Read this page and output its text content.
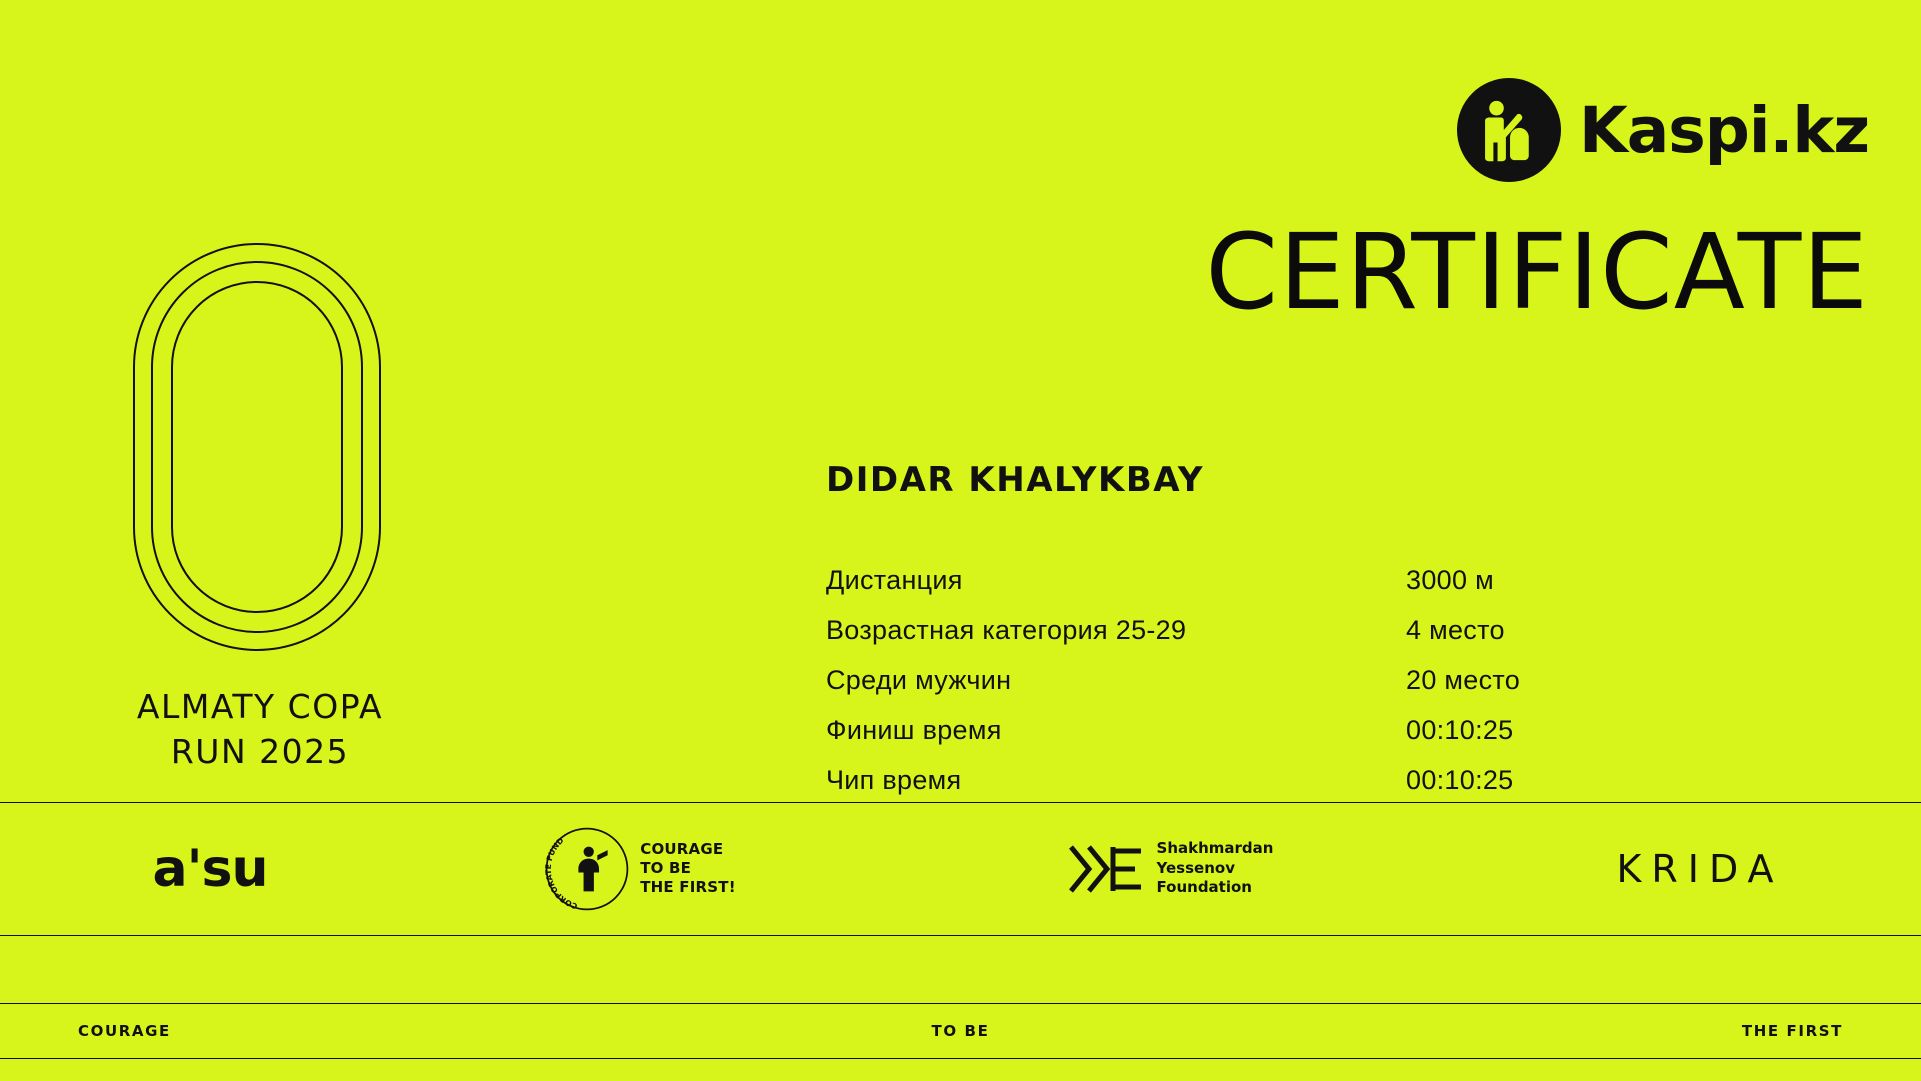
Kaspi.kz
CERTIFICATE
DIDAR KHALYKBAY
Дистанция	3000 м
Возрастная категория 25-29	4 место
Среди мужчин	20 место
Финиш время	00:10:25
Чип время	00:10:25
ALMATY COPA
RUN 2025
a'su
CORPORATE FUND	COURAGE
TO BE
THE FIRST!
Shakhmardan
Yessenov
Foundation	KRIDA
COURAGE	TO BE	THE FIRST
